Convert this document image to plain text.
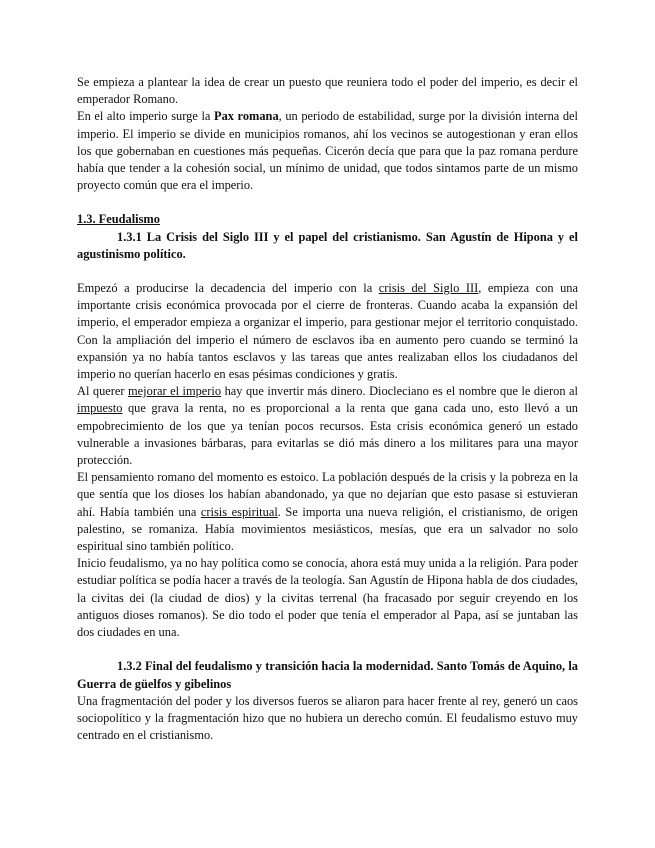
Se empieza a plantear la idea de crear un puesto que reuniera todo el poder del imperio, es decir el emperador Romano.

En el alto imperio surge la Pax romana, un periodo de estabilidad, surge por la división interna del imperio. El imperio se divide en municipios romanos, ahí los vecinos se autogestionan y eran ellos los que gobernaban en cuestiones más pequeñas. Cicerón decía que para que la paz romana perdure había que tender a la cohesión social, un mínimo de unidad, que todos sintamos parte de un mismo proyecto común que era el imperio.

1.3. Feudalismo

1.3.1 La Crisis del Siglo III y el papel del cristianismo. San Agustín de Hipona y el agustinismo político.

Empezó a producirse la decadencia del imperio con la crisis del Siglo III, empieza con una importante crisis económica provocada por el cierre de fronteras. Cuando acaba la expansión del imperio, el emperador empieza a organizar el imperio, para gestionar mejor el territorio conquistado. Con la ampliación del imperio el número de esclavos iba en aumento pero cuando se terminó la expansión ya no había tantos esclavos y las tareas que antes realizaban ellos los ciudadanos del imperio no querían hacerlo en esas pésimas condiciones y gratis.

Al querer mejorar el imperio hay que invertir más dinero. Diocleciano es el nombre que le dieron al impuesto que grava la renta, no es proporcional a la renta que gana cada uno, esto llevó a un empobrecimiento de los que ya tenían pocos recursos. Esta crisis económica generó un estado vulnerable a invasiones bárbaras, para evitarlas se dió más dinero a los militares para una mayor protección.

El pensamiento romano del momento es estoico. La población después de la crisis y la pobreza en la que sentía que los dioses los habían abandonado, ya que no dejarían que esto pasase si estuvieran ahí. Había también una crisis espiritual. Se importa una nueva religión, el cristianismo, de origen palestino, se romaniza. Había movimientos mesiásticos, mesías, que era un salvador no solo espiritual sino también político.

Inicio feudalismo, ya no hay política como se conocía, ahora está muy unida a la religión. Para poder estudiar política se podía hacer a través de la teología. San Agustín de Hipona habla de dos ciudades, la civitas dei (la ciudad de dios) y la civitas terrenal (ha fracasado por seguir creyendo en los antiguos dioses romanos). Se dio todo el poder que tenía el emperador al Papa, así se juntaban las dos ciudades en una.

1.3.2 Final del feudalismo y transición hacia la modernidad. Santo Tomás de Aquino, la Guerra de güelfos y gibelinos

Una fragmentación del poder y los diversos fueros se aliaron para hacer frente al rey, generó un caos sociopolítico y la fragmentación hizo que no hubiera un derecho común. El feudalismo estuvo muy centrado en el cristianismo.
